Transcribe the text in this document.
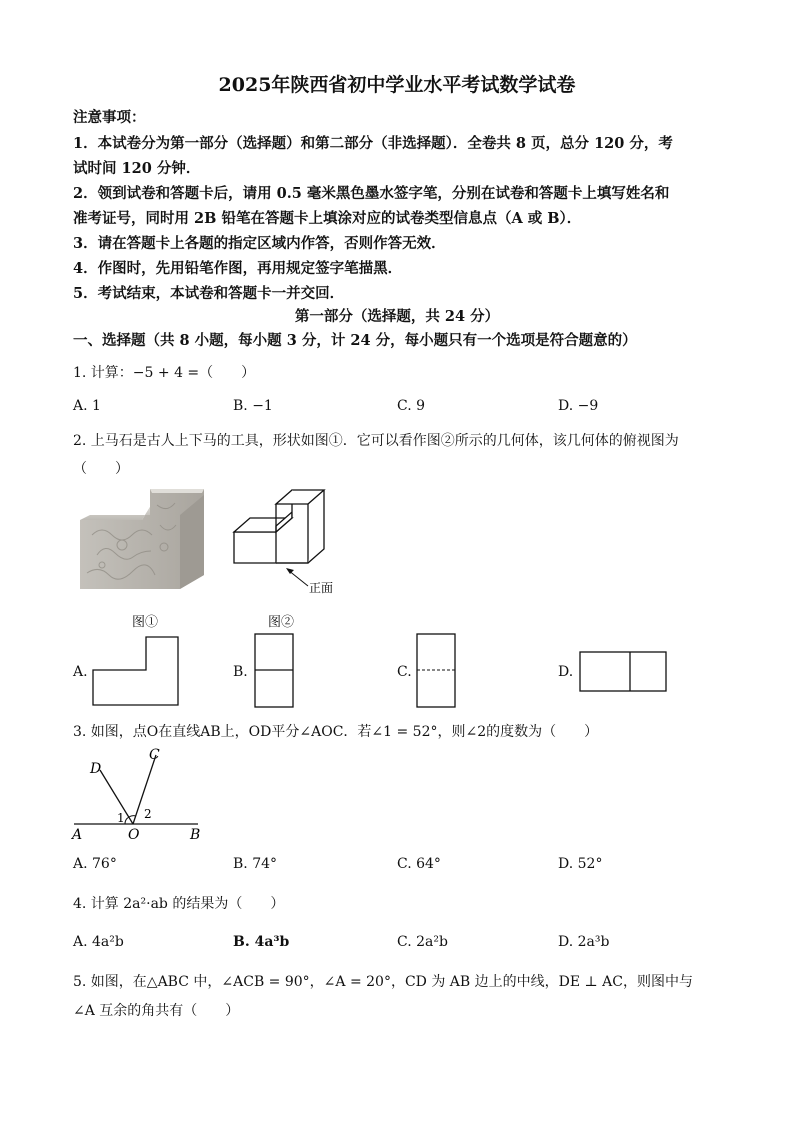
2025年陕西省初中学业水平考试数学试卷
注意事项：
1．本试卷分为第一部分（选择题）和第二部分（非选择题）．全卷共 8 页，总分 120 分，考
试时间 120 分钟．
2．领到试卷和答题卡后，请用 0.5 毫米黑色墨水签字笔，分别在试卷和答题卡上填写姓名和
准考证号，同时用 2B 铅笔在答题卡上填涂对应的试卷类型信息点（A 或 B）．
3．请在答题卡上各题的指定区域内作答，否则作答无效．
4．作图时，先用铅笔作图，再用规定签字笔描黑．
5．考试结束，本试卷和答题卡一并交回．
第一部分（选择题，共 24 分）
一、选择题（共 8 小题，每小题 3 分，计 24 分，每小题只有一个选项是符合题意的）
1. 计算：−5 + 4 =（　　）
A. 1	B. −1	C. 9	D. −9
2. 上马石是古人上下马的工具，形状如图①．它可以看作图②所示的几何体，该几何体的俯视图为
（　　）
图①
正面
图②
A.	B.	C.	D.
3. 如图，点O在直线AB上，OD平分∠AOC．若∠1 = 52°，则∠2的度数为（　　）
D
C
A	O	B
1 2
A. 76°	B. 74°	C. 64°	D. 52°
4. 计算 2a²·ab 的结果为（　　）
A. 4a²b	B. 4a³b	C. 2a²b	D. 2a³b
5. 如图，在△ABC 中，∠ACB = 90°，∠A = 20°，CD 为 AB 边上的中线，DE ⊥ AC，则图中与
∠A 互余的角共有（　　）
